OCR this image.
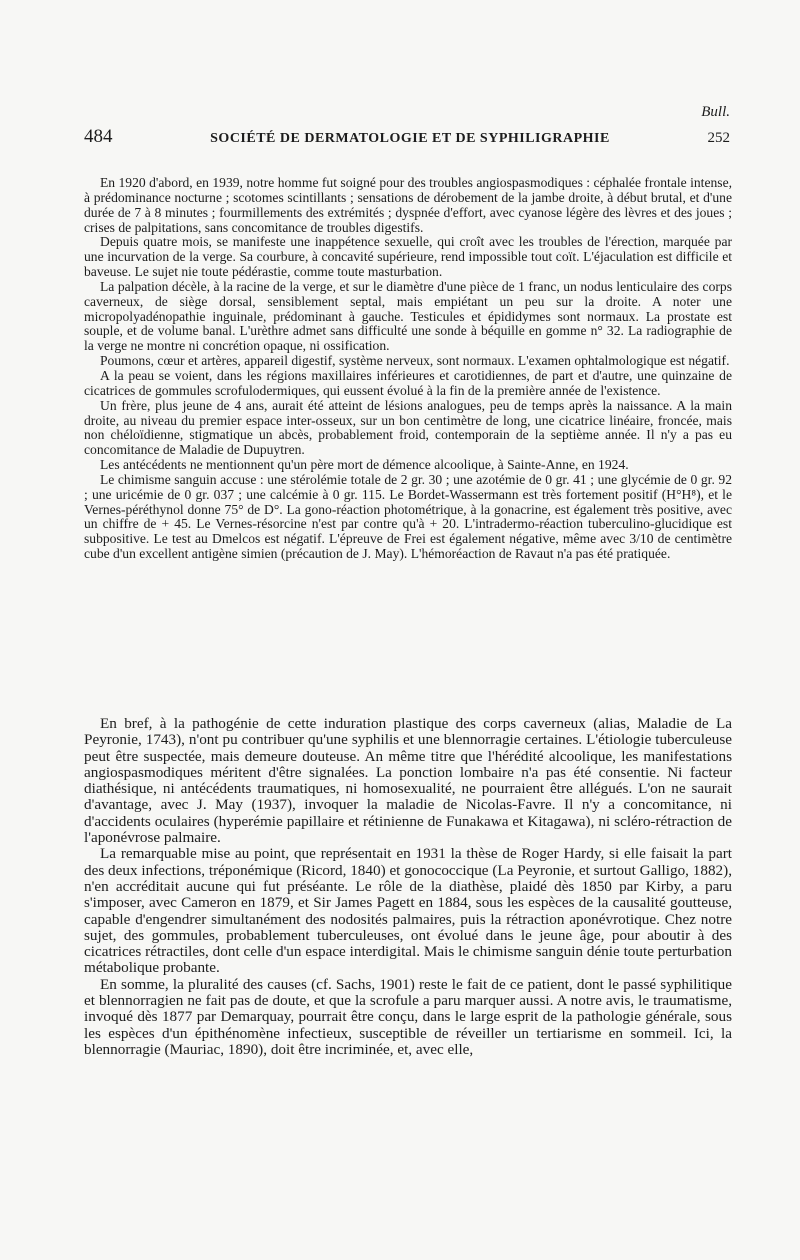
Bull.
484	SOCIÉTÉ DE DERMATOLOGIE ET DE SYPHILIGRAPHIE	252

En 1920 d'abord, en 1939, notre homme fut soigné pour des troubles angiospasmodiques : céphalée frontale intense, à prédominance nocturne ; scotomes scintillants ; sensations de dérobement de la jambe droite, à début brutal, et d'une durée de 7 à 8 minutes ; fourmillements des extrémités ; dyspnée d'effort, avec cyanose légère des lèvres et des joues ; crises de palpitations, sans concomitance de troubles digestifs.

Depuis quatre mois, se manifeste une inappétence sexuelle, qui croît avec les troubles de l'érection, marquée par une incurvation de la verge. Sa courbure, à concavité supérieure, rend impossible tout coït. L'éjaculation est difficile et baveuse. Le sujet nie toute pédérastie, comme toute masturbation.

La palpation décèle, à la racine de la verge, et sur le diamètre d'une pièce de 1 franc, un nodus lenticulaire des corps caverneux, de siège dorsal, sensiblement septal, mais empiétant un peu sur la droite. A noter une micropolyadénopathie inguinale, prédominant à gauche. Testicules et épididymes sont normaux. La prostate est souple, et de volume banal. L'urèthre admet sans difficulté une sonde à béquille en gomme n° 32. La radiographie de la verge ne montre ni concrétion opaque, ni ossification.

Poumons, cœur et artères, appareil digestif, système nerveux, sont normaux. L'examen ophtalmologique est négatif.

A la peau se voient, dans les régions maxillaires inférieures et carotidiennes, de part et d'autre, une quinzaine de cicatrices de gommules scrofulodermiques, qui eussent évolué à la fin de la première année de l'existence.

Un frère, plus jeune de 4 ans, aurait été atteint de lésions analogues, peu de temps après la naissance. A la main droite, au niveau du premier espace inter-osseux, sur un bon centimètre de long, une cicatrice linéaire, froncée, mais non chéloïdienne, stigmatique un abcès, probablement froid, contemporain de la septième année. Il n'y a pas eu concomitance de Maladie de Dupuytren.

Les antécédents ne mentionnent qu'un père mort de démence alcoolique, à Sainte-Anne, en 1924.

Le chimisme sanguin accuse : une stérolémie totale de 2 gr. 30 ; une azotémie de 0 gr. 41 ; une glycémie de 0 gr. 92 ; une uricémie de 0 gr. 037 ; une calcémie à 0 gr. 115. Le Bordet-Wassermann est très fortement positif (H°H⁸), et le Vernes-péréthynol donne 75° de D°. La gono-réaction photométrique, à la gonacrine, est également très positive, avec un chiffre de + 45. Le Vernes-résorcine n'est par contre qu'à + 20. L'intradermo-réaction tuberculino-glucidique est subpositive. Le test au Dmelcos est négatif. L'épreuve de Frei est également négative, même avec 3/10 de centimètre cube d'un excellent antigène simien (précaution de J. May). L'hémoréaction de Ravaut n'a pas été pratiquée.

En bref, à la pathogénie de cette induration plastique des corps caverneux (alias, Maladie de La Peyronie, 1743), n'ont pu contribuer qu'une syphilis et une blennorragie certaines. L'étiologie tuberculeuse peut être suspectée, mais demeure douteuse. An même titre que l'hérédité alcoolique, les manifestations angiospasmodiques méritent d'être signalées. La ponction lombaire n'a pas été consentie. Ni facteur diathésique, ni antécédents traumatiques, ni homosexualité, ne pourraient être allégués. L'on ne saurait d'avantage, avec J. May (1937), invoquer la maladie de Nicolas-Favre. Il n'y a concomitance, ni d'accidents oculaires (hyperémie papillaire et rétinienne de Funakawa et Kitagawa), ni scléro-rétraction de l'aponévrose palmaire.

La remarquable mise au point, que représentait en 1931 la thèse de Roger Hardy, si elle faisait la part des deux infections, tréponémique (Ricord, 1840) et gonococcique (La Peyronie, et surtout Galligo, 1882), n'en accréditait aucune qui fut préséante. Le rôle de la diathèse, plaidé dès 1850 par Kirby, a paru s'imposer, avec Cameron en 1879, et Sir James Pagett en 1884, sous les espèces de la causalité goutteuse, capable d'engendrer simultanément des nodosités palmaires, puis la rétraction aponévrotique. Chez notre sujet, des gommules, probablement tuberculeuses, ont évolué dans le jeune âge, pour aboutir à des cicatrices rétractiles, dont celle d'un espace interdigital. Mais le chimisme sanguin dénie toute perturbation métabolique probante.

En somme, la pluralité des causes (cf. Sachs, 1901) reste le fait de ce patient, dont le passé syphilitique et blennorragien ne fait pas de doute, et que la scrofule a paru marquer aussi. A notre avis, le traumatisme, invoqué dès 1877 par Demarquay, pourrait être conçu, dans le large esprit de la pathologie générale, sous les espèces d'un épithénomène infectieux, susceptible de réveiller un tertiarisme en sommeil. Ici, la blennorragie (Mauriac, 1890), doit être incriminée, et, avec elle,
